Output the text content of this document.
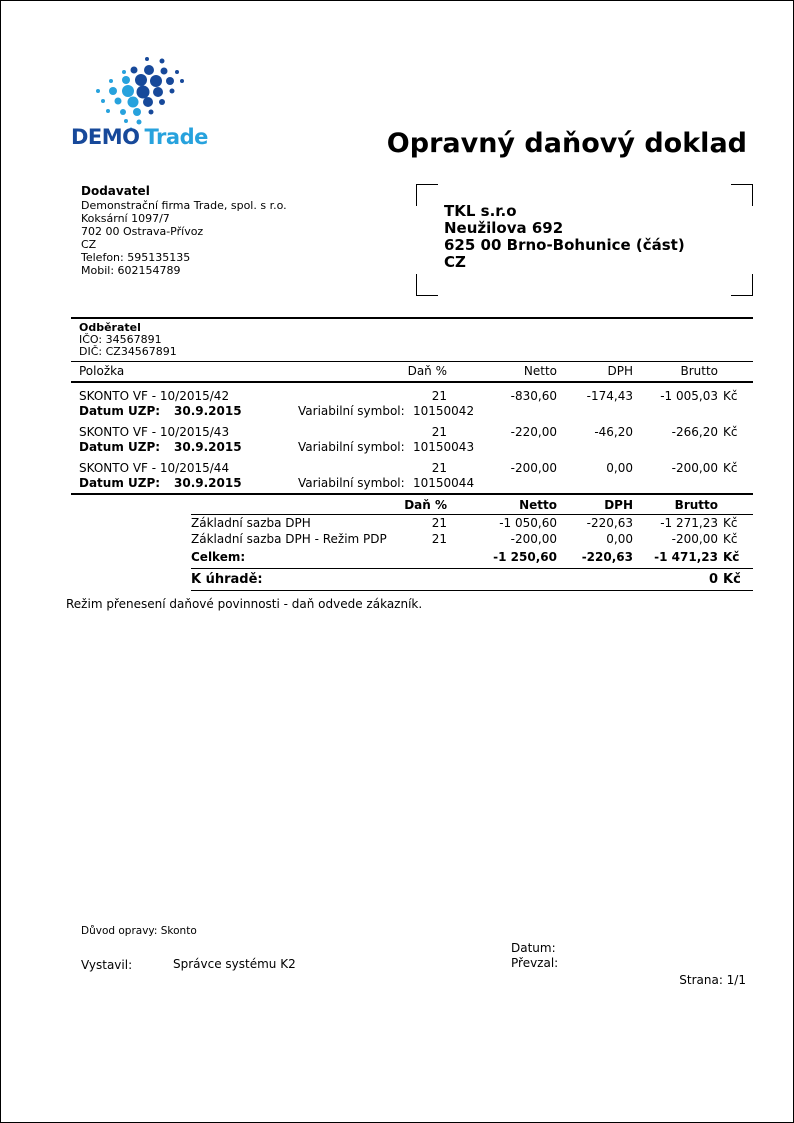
DEMO Trade	Opravný daňový doklad
Dodavatel
Demonstrační firma Trade, spol. s r.o.
Koksární 1097/7
702 00 Ostrava-Přívoz
CZ
Telefon: 595135135
Mobil: 602154789
TKL s.r.o
Neužilova 692
625 00 Brno-Bohunice (část)
CZ
Odběratel
IČO: 34567891
DIČ: CZ34567891
Položka	Daň %	Netto	DPH	Brutto
SKONTO VF - 10/2015/42	21	-830,60	-174,43	-1 005,03 Kč
Datum UZP:	30.9.2015	Variabilní symbol: 10150042
SKONTO VF - 10/2015/43	21	-220,00	-46,20	-266,20 Kč
Datum UZP:	30.9.2015	Variabilní symbol: 10150043
SKONTO VF - 10/2015/44	21	-200,00	0,00	-200,00 Kč
Datum UZP:	30.9.2015	Variabilní symbol: 10150044
Daň %	Netto	DPH	Brutto
Základní sazba DPH	21	-1 050,60	-220,63	-1 271,23 Kč
Základní sazba DPH - Režim PDP	21	-200,00	0,00	-200,00 Kč
Celkem:	-1 250,60	-220,63	-1 471,23 Kč
K úhradě:	0 Kč
Režim přenesení daňové povinnosti - daň odvede zákazník.
Důvod opravy: Skonto
Vystavil:	Správce systému K2
Datum:
Převzal:
Strana: 1/1
